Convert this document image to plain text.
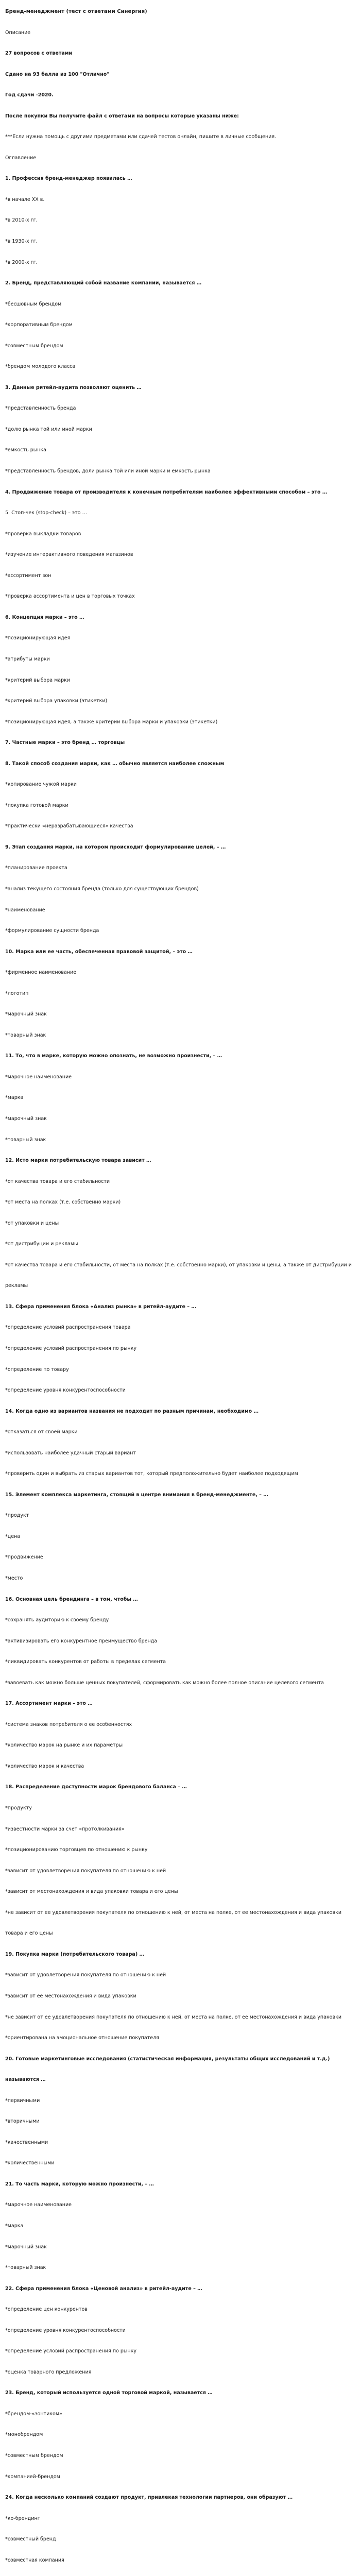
Бренд-менеджмент (тест с ответами Синергия)
Описание
27 вопросов с ответами
Сдано на 93 балла из 100 "Отлично"
Год сдачи -2020.
После покупки Вы получите файл с ответами на вопросы которые указаны ниже:
***Если нужна помощь с другими предметами или сдачей тестов онлайн, пишите в личные сообщения.
Оглавление
1. Профессия бренд-менеджер появилась …
*в начале ХХ в.
*в 2010-х гг.
*в 1930-х гг.
*в 2000-х гг.
2. Бренд, представляющий собой название компании, называется …
*бесшовным брендом
*корпоративным брендом
*совместным брендом
*брендом молодого класса
3. Данные ритейл-аудита позволяют оценить …
*представленность бренда
*долю рынка той или иной марки
*емкость рынка
*представленность брендов, доли рынка той или иной марки и емкость рынка
4. Продвижение товара от производителя к конечным потребителям наиболее эффективными способом – это …
5. Стоп-чек (stop-check) – это …
*проверка выкладки товаров
*изучение интерактивного поведения магазинов
*ассортимент зон
*проверка ассортимента и цен в торговых точках
6. Концепция марки – это …
*позиционирующая идея
*атрибуты марки
*критерий выбора марки
*критерий выбора упаковки (этикетки)
*позиционирующая идея, а также критерии выбора марки и упаковки (этикетки)
7. Частные марки – это бренд … торговцы
8. Такой способ создания марки, как … обычно является наиболее сложным
*копирование чужой марки
*покупка готовой марки
*практически «неразрабатывающиеся» качества
9. Этап создания марки, на котором происходит формулирование целей, – …
*планирование проекта
*анализ текущего состояния бренда (только для существующих брендов)
*наименование
*формулирование сущности бренда
10. Марка или ее часть, обеспеченная правовой защитой, – это …
*фирменное наименование
*логотип
*марочный знак
*товарный знак
11. То, что в марке, которую можно опознать, не возможно произнести, – …
*марочное наименование
*марка
*марочный знак
*товарный знак
12. Исто марки потребительскую товара зависит …
*от качества товара и его стабильности
*от места на полках (т.е. собственно марки)
*от упаковки и цены
*от дистрибуции и рекламы
*от качества товара и его стабильности, от места на полках (т.е. собственно марки), от упаковки и цены, а также от дистрибуции и рекламы
13. Сфера применения блока «Анализ рынка» в ритейл-аудите – …
*определение условий распространения товара
*определение условий распространения по рынку
*определение по товару
*определение уровня конкурентоспособности
14. Когда одно из вариантов названия не подходит по разным причинам, необходимо …
*отказаться от своей марки
*использовать наиболее удачный старый вариант
*проверить один и выбрать из старых вариантов тот, который предположительно будет наиболее подходящим
15. Элемент комплекса маркетинга, стоящий в центре внимания в бренд-менеджменте, – …
*продукт
*цена
*продвижение
*место
16. Основная цель брендинга – в том, чтобы …
*сохранять аудиторию к своему бренду
*активизировать его конкурентное преимущество бренда
*ликвидировать конкурентов от работы в пределах сегмента
*завоевать как можно больше ценных покупателей, сформировать как можно более полное описание целевого сегмента
17. Ассортимент марки – это …
*система знаков потребителя о ее особенностях
*количество марок на рынке и их параметры
*количество марок и качества
18. Распределение доступности марок брендового баланса – …
*продукту
*известности марки за счет «протолкивания»
*позиционированию торговцев по отношению к рынку
*зависит от удовлетворения покупателя по отношению к ней
*зависит от местонахождения и вида упаковки товара и его цены
*не зависит от ее удовлетворения покупателя по отношению к ней, от места на полке, от ее местонахождения и вида упаковки товара и его цены
19. Покупка марки (потребительского товара) …
*зависит от удовлетворения покупателя по отношению к ней
*зависит от ее местонахождения и вида упаковки
*не зависит от ее удовлетворения покупателя по отношению к ней, от места на полке, от ее местонахождения и вида упаковки
*ориентирована на эмоциональное отношение покупателя
20. Готовые маркетинговые исследования (статистическая информация, результаты общих исследований и т.д.) называются …
*первичными
*вторичными
*качественными
*количественными
21. То часть марки, которую можно произнести, – …
*марочное наименование
*марка
*марочный знак
*товарный знак
22. Сфера применения блока «Ценовой анализ» в ритейл-аудите – …
*определение цен конкурентов
*определение уровня конкурентоспособности
*определение условий распространения по рынку
*оценка товарного предложения
23. Бренд, который используется одной торговой маркой, называется …
*брендом-«зонтиком»
*монобрендом
*совместным брендом
*компанией-брендом
24. Когда несколько компаний создают продукт, привлекая технологии партнеров, они образуют …
*ко-брендинг
*совместный бренд
*совместная компания
